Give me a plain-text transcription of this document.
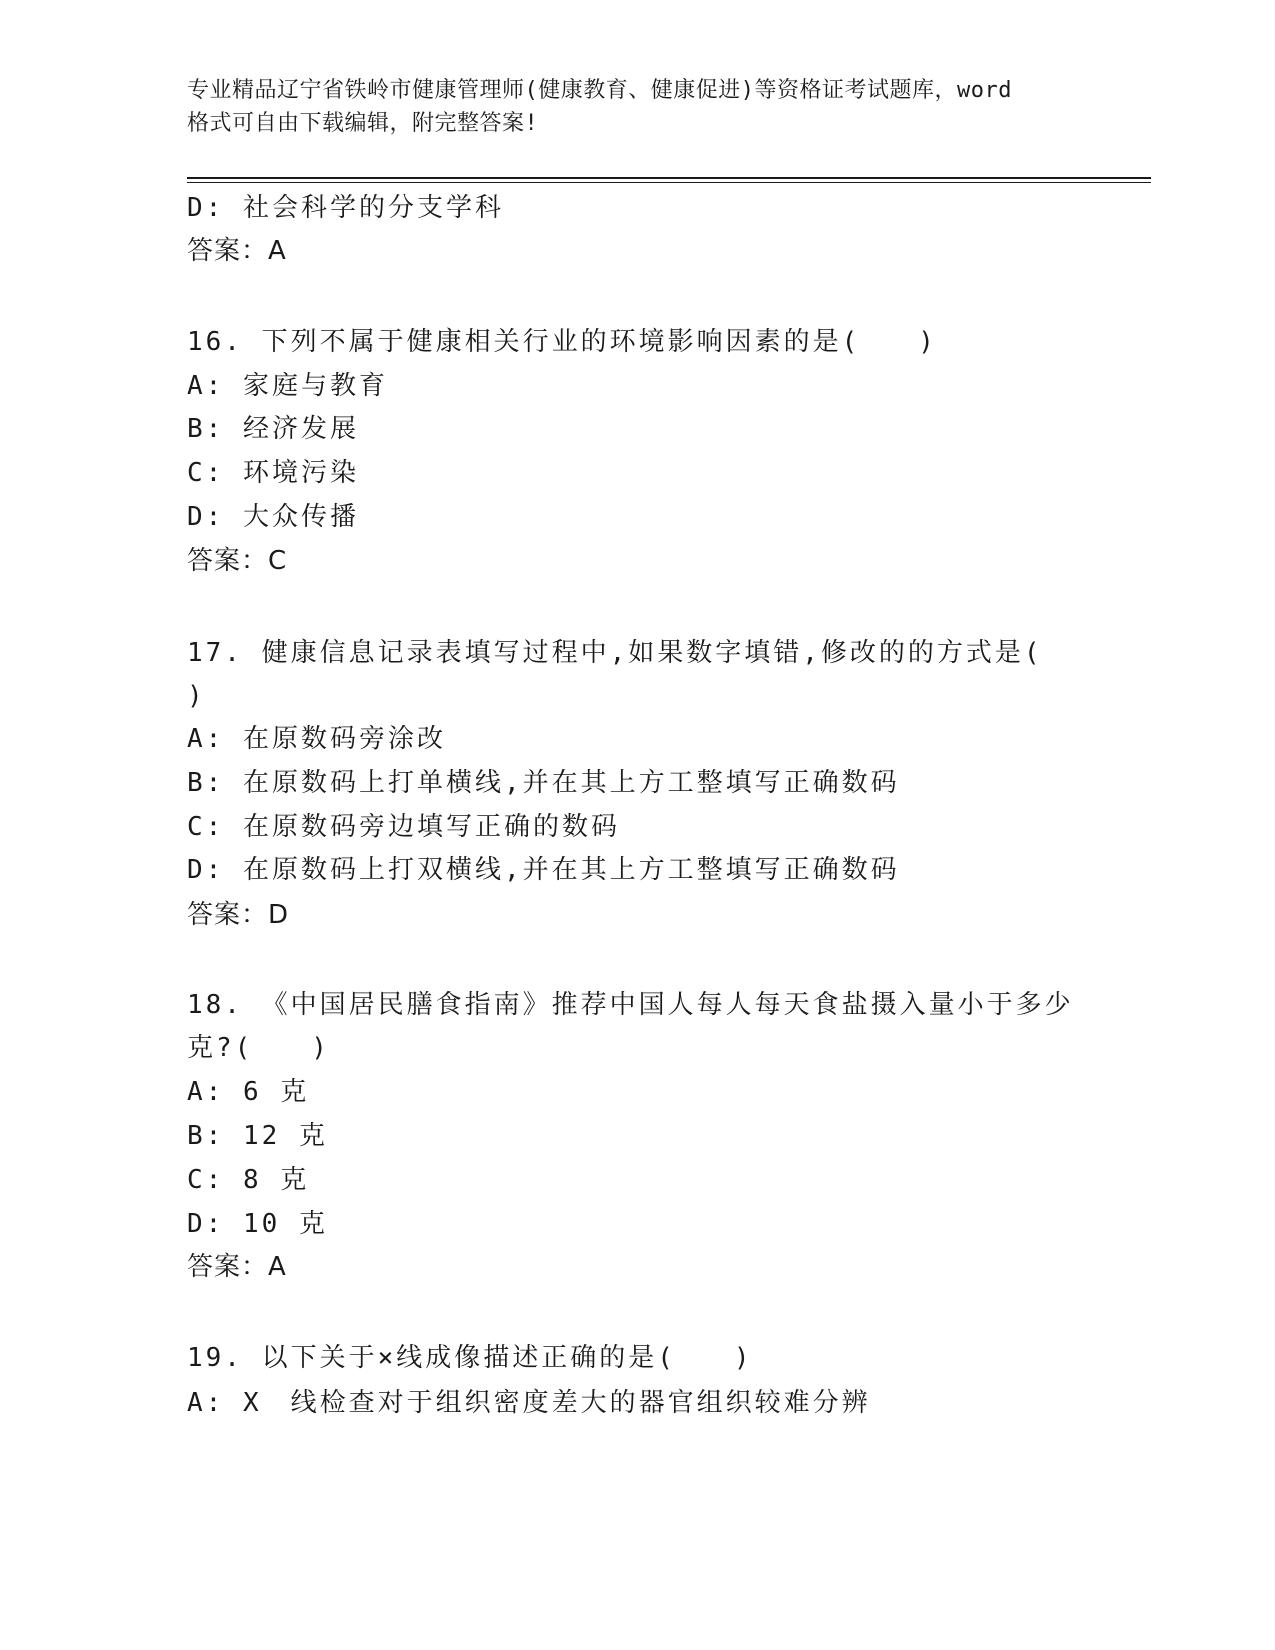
专业精品辽宁省铁岭市健康管理师(健康教育、健康促进)等资格证考试题库，word
格式可自由下载编辑，附完整答案!
D: 社会科学的分支学科
答案：A
16. 下列不属于健康相关行业的环境影响因素的是(　　)
A: 家庭与教育
B: 经济发展
C: 环境污染
D: 大众传播
答案：C
17. 健康信息记录表填写过程中,如果数字填错,修改的的方式是(
)
A: 在原数码旁涂改
B: 在原数码上打单横线,并在其上方工整填写正确数码
C: 在原数码旁边填写正确的数码
D: 在原数码上打双横线,并在其上方工整填写正确数码
答案：D
18. 《中国居民膳食指南》推荐中国人每人每天食盐摄入量小于多少
克?(　　)
A: 6 克
B: 12 克
C: 8 克
D: 10 克
答案：A
19. 以下关于×线成像描述正确的是(　　)
A: X　线检查对于组织密度差大的器官组织较难分辨
